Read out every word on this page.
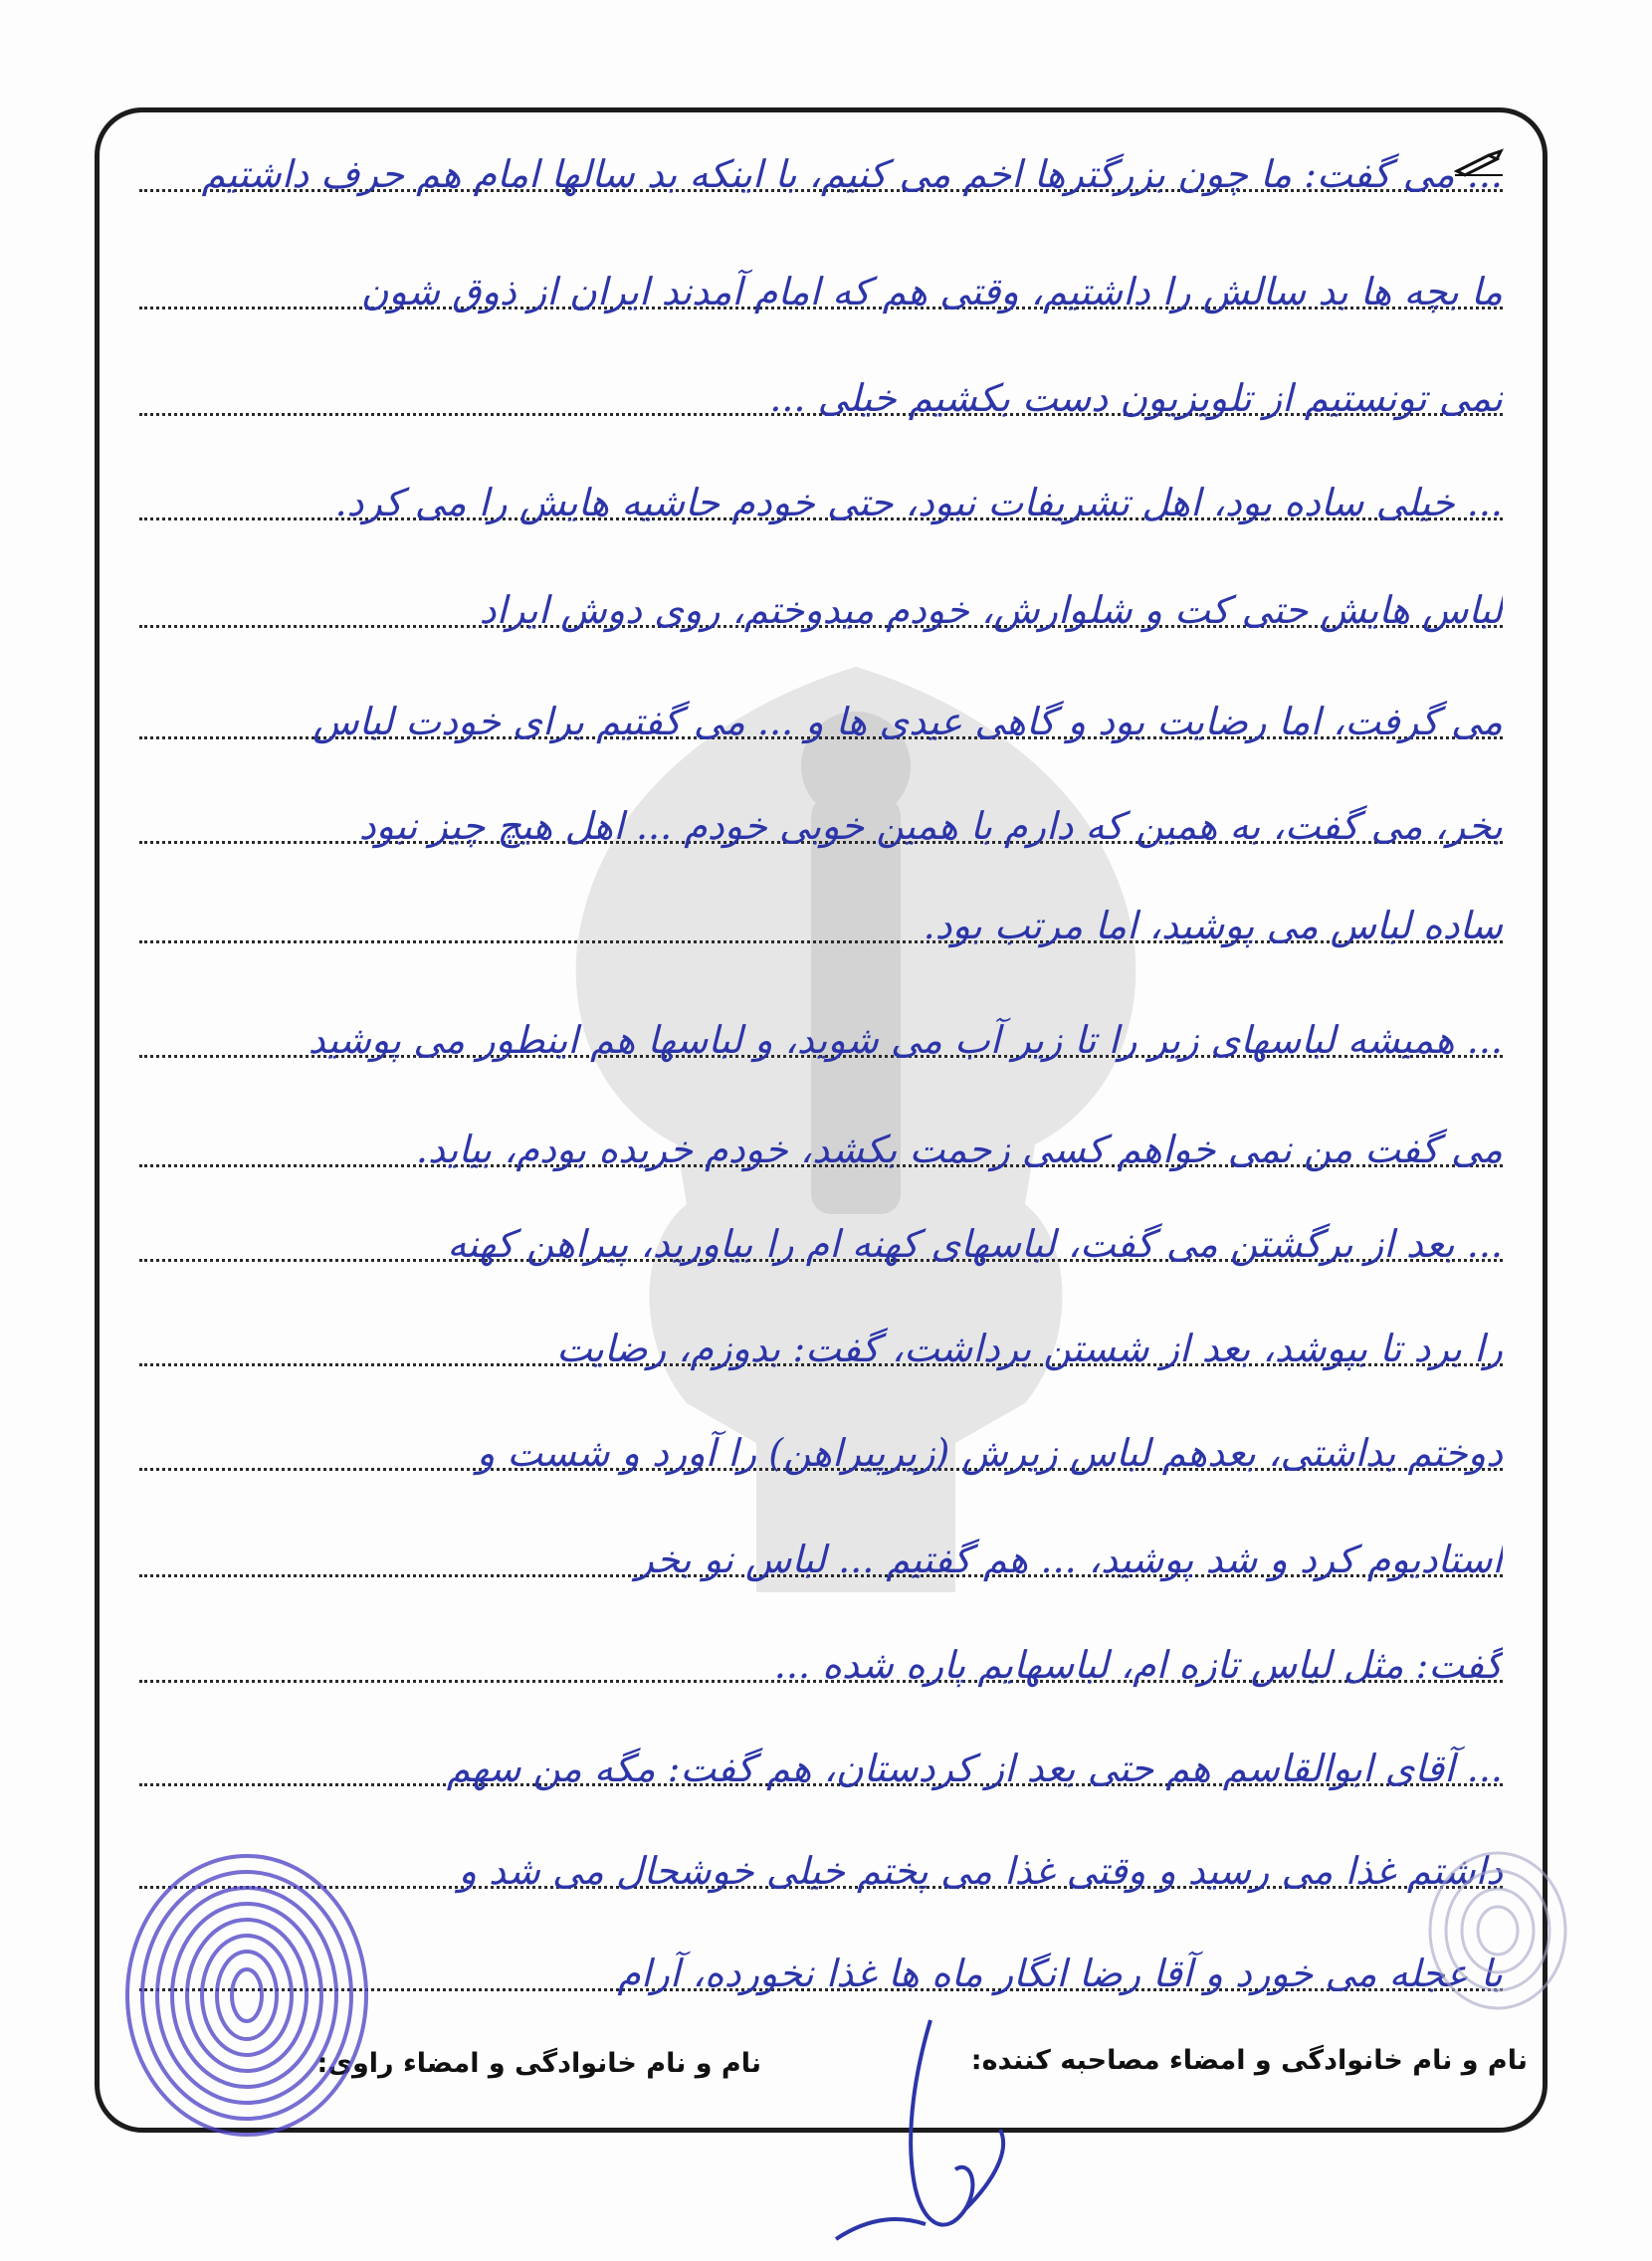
... می گفت: ما چون بزرگترها اخم می کنیم، با اینکه بد سالها امام هم حرف داشتیم
ما بچه ها بد سالش را داشتیم، وقتی هم که امام آمدند ایران از ذوق شون
نمی تونستیم از تلویزیون دست بکشیم خیلی ...
... خیلی ساده بود، اهل تشریفات نبود، حتی خودم حاشیه هایش را می کرد.
لباس هایش حتی کت و شلوارش، خودم میدوختم، روی دوش ایراد
می گرفت، اما رضایت بود و گاهی عیدی ها و ... می گفتیم برای خودت لباس
بخر، می گفت، به همین که دارم با همین خوبی خودم ... اهل هیچ چیز نبود
ساده لباس می پوشید، اما مرتب بود.
... همیشه لباسهای زیر را تا زیر آب می شوید، و لباسها هم اینطور می پوشید
می گفت من نمی خواهم کسی زحمت بکشد، خودم خریده بودم، بیاید.
... بعد از برگشتن می گفت، لباسهای کهنه ام را بیاورید، پیراهن کهنه
را برد تا بپوشد، بعد از شستن برداشت، گفت: بدوزم، رضایت
دوختم بداشتی، بعدهم لباس زیرش (زیرپیراهن) را آورد و شست و
استادیوم کرد و شد پوشید، ... هم گفتیم ... لباس نو بخر
گفت: مثل لباس تازه ام، لباسهایم پاره شده ...
... آقای ابوالقاسم هم حتی بعد از کردستان، هم گفت: مگه من سهم
داشتم غذا می رسید و وقتی غذا می پختم خیلی خوشحال می شد و
با عجله می خورد و آقا رضا انگار ماه ها غذا نخورده، آرام
نام و نام خانوادگی و امضاء مصاحبه کننده:
نام و نام خانوادگی و امضاء راوی:
